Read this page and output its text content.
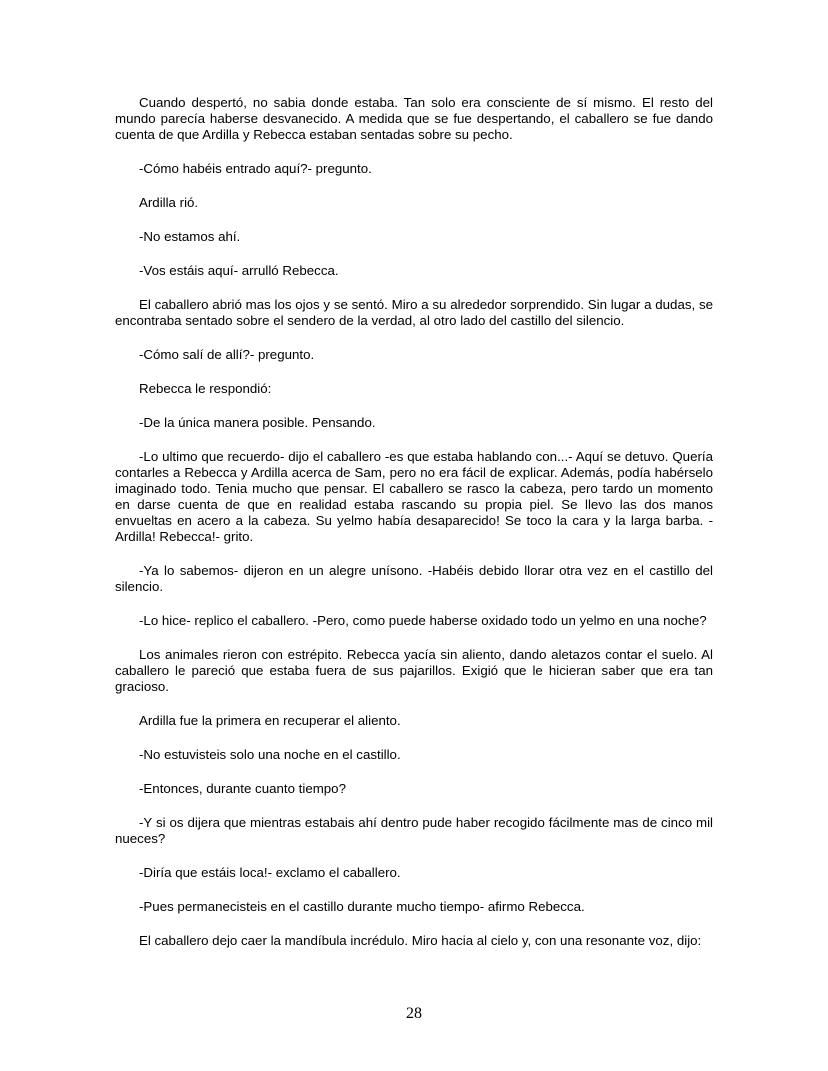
Cuando despertó, no sabia donde estaba. Tan solo era consciente de sí mismo. El resto del mundo parecía haberse desvanecido. A medida que se fue despertando, el caballero se fue dando cuenta de que Ardilla y Rebecca estaban sentadas sobre su pecho.

-Cómo habéis entrado aquí?- pregunto.

Ardilla rió.

-No estamos ahí.

-Vos estáis aquí- arrulló Rebecca.

El caballero abrió mas los ojos y se sentó. Miro a su alrededor sorprendido. Sin lugar a dudas, se encontraba sentado sobre el sendero de la verdad, al otro lado del castillo del silencio.

-Cómo salí de allí?- pregunto.

Rebecca le respondió:

-De la única manera posible. Pensando.

-Lo ultimo que recuerdo- dijo el caballero -es que estaba hablando con...- Aquí se detuvo. Quería contarles a Rebecca y Ardilla acerca de Sam, pero no era fácil de explicar. Además, podía habérselo imaginado todo. Tenia mucho que pensar. El caballero se rasco la cabeza, pero tardo un momento en darse cuenta de que en realidad estaba rascando su propia piel. Se llevo las dos manos envueltas en acero a la cabeza. Su yelmo había desaparecido! Se toco la cara y la larga barba. -Ardilla! Rebecca!- grito.

-Ya lo sabemos- dijeron en un alegre unísono. -Habéis debido llorar otra vez en el castillo del silencio.

-Lo hice- replico el caballero. -Pero, como puede haberse oxidado todo un yelmo en una noche?

Los animales rieron con estrépito. Rebecca yacía sin aliento, dando aletazos contar el suelo. Al caballero le pareció que estaba fuera de sus pajarillos. Exigió que le hicieran saber que era tan gracioso.

Ardilla fue la primera en recuperar el aliento.

-No estuvisteis solo una noche en el castillo.

-Entonces, durante cuanto tiempo?

-Y si os dijera que mientras estabais ahí dentro pude haber recogido fácilmente mas de cinco mil nueces?

-Diría que estáis loca!- exclamo el caballero.

-Pues permanecisteis en el castillo durante mucho tiempo- afirmo Rebecca.

El caballero dejo caer la mandíbula incrédulo. Miro hacia al cielo y, con una resonante voz, dijo:

28
